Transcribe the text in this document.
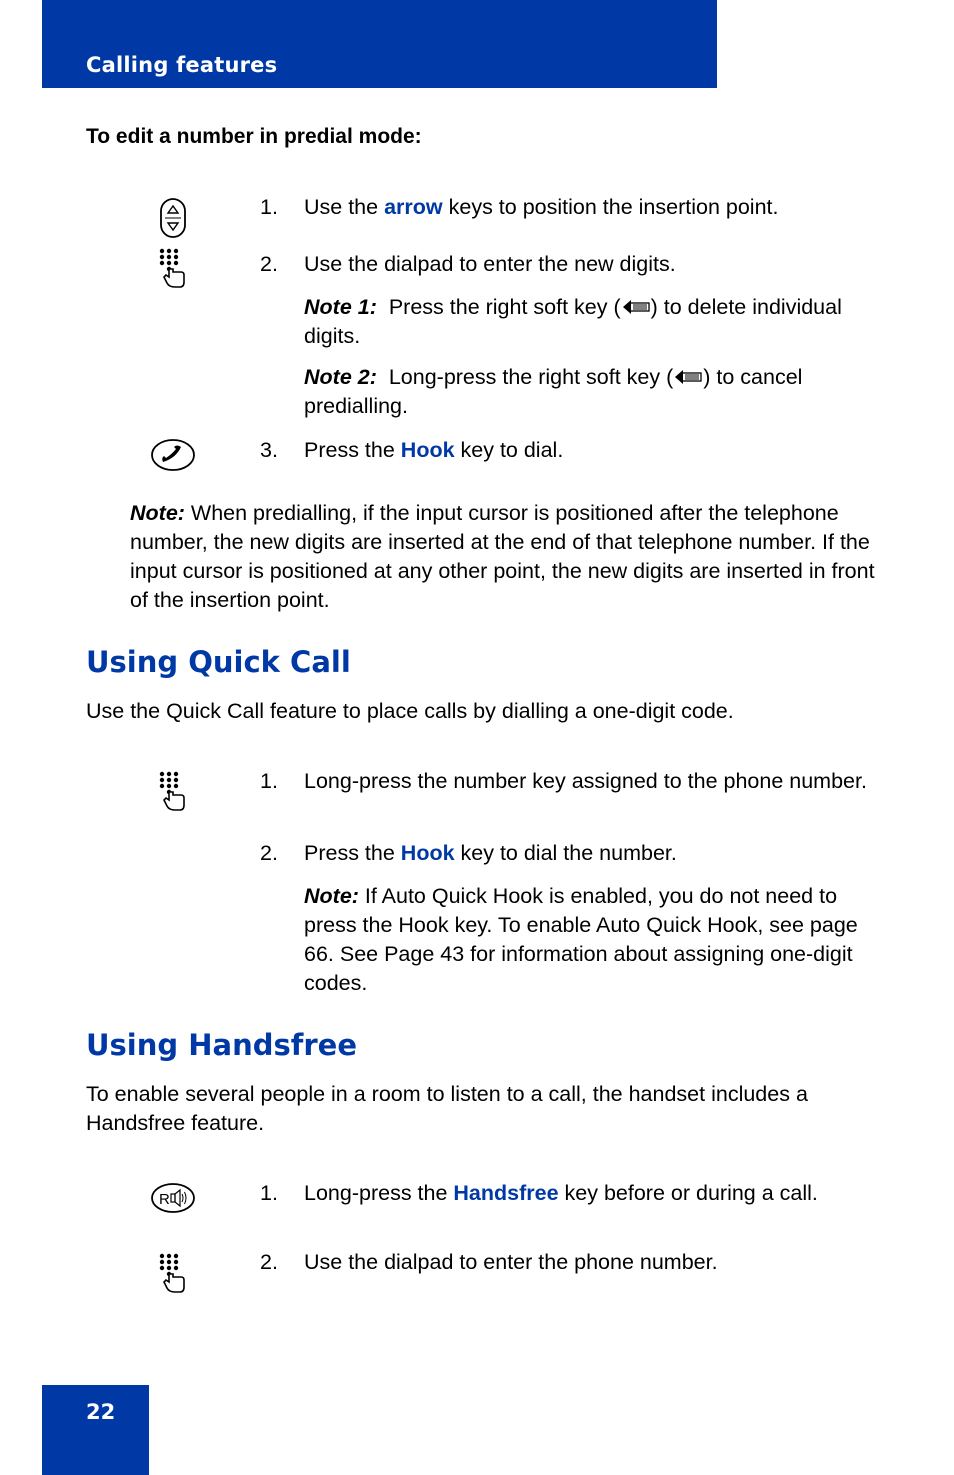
Calling features
To edit a number in predial mode:
1. Use the arrow keys to position the insertion point.
2. Use the dialpad to enter the new digits.
Note 1: Press the right soft key ( ) to delete individual digits.
Note 2: Long-press the right soft key ( ) to cancel predialling.
3. Press the Hook key to dial.
Note: When predialling, if the input cursor is positioned after the telephone number, the new digits are inserted at the end of that telephone number. If the input cursor is positioned at any other point, the new digits are inserted in front of the insertion point.
Using Quick Call
Use the Quick Call feature to place calls by dialling a one-digit code.
1. Long-press the number key assigned to the phone number.
2. Press the Hook key to dial the number.
Note: If Auto Quick Hook is enabled, you do not need to press the Hook key. To enable Auto Quick Hook, see page 66. See Page 43 for information about assigning one-digit codes.
Using Handsfree
To enable several people in a room to listen to a call, the handset includes a Handsfree feature.
R	1. Long-press the Handsfree key before or during a call.
2. Use the dialpad to enter the phone number.
22
